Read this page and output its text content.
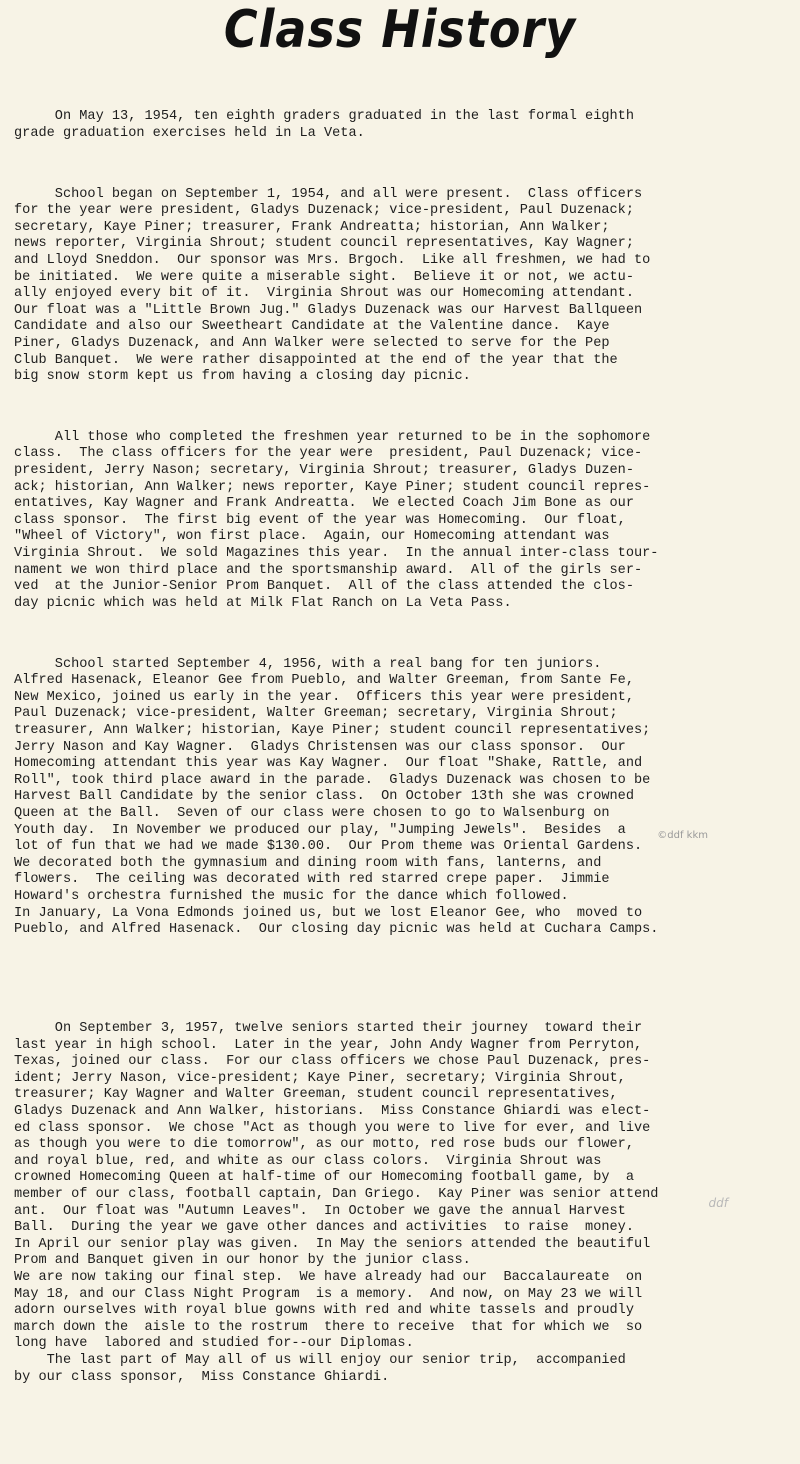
Class History

On May 13, 1954, ten eighth graders graduated in the last formal eighth
grade graduation exercises held in La Veta.

School began on September 1, 1954, and all were present.  Class officers
for the year were president, Gladys Duzenack; vice-president, Paul Duzenack;
secretary, Kaye Piner; treasurer, Frank Andreatta; historian, Ann Walker;
news reporter, Virginia Shrout; student council representatives, Kay Wagner;
and Lloyd Sneddon.  Our sponsor was Mrs. Brgoch.  Like all freshmen, we had to
be initiated.  We were quite a miserable sight.  Believe it or not, we actu-
ally enjoyed every bit of it.  Virginia Shrout was our Homecoming attendant.
Our float was a "Little Brown Jug." Gladys Duzenack was our Harvest Ballqueen
Candidate and also our Sweetheart Candidate at the Valentine dance.  Kaye
Piner, Gladys Duzenack, and Ann Walker were selected to serve for the Pep
Club Banquet.  We were rather disappointed at the end of the year that the
big snow storm kept us from having a closing day picnic.

All those who completed the freshmen year returned to be in the sophomore
class.  The class officers for the year were  president, Paul Duzenack; vice-
president, Jerry Nason; secretary, Virginia Shrout; treasurer, Gladys Duzen-
ack; historian, Ann Walker; news reporter, Kaye Piner; student council repres-
entatives, Kay Wagner and Frank Andreatta.  We elected Coach Jim Bone as our
class sponsor.  The first big event of the year was Homecoming.  Our float,
"Wheel of Victory", won first place.  Again, our Homecoming attendant was
Virginia Shrout.  We sold Magazines this year.  In the annual inter-class tour-
nament we won third place and the sportsmanship award.  All of the girls ser-
ved  at the Junior-Senior Prom Banquet.  All of the class attended the clos-
day picnic which was held at Milk Flat Ranch on La Veta Pass.

School started September 4, 1956, with a real bang for ten juniors.
Alfred Hasenack, Eleanor Gee from Pueblo, and Walter Greeman, from Sante Fe,
New Mexico, joined us early in the year.  Officers this year were president,
Paul Duzenack; vice-president, Walter Greeman; secretary, Virginia Shrout;
treasurer, Ann Walker; historian, Kaye Piner; student council representatives;
Jerry Nason and Kay Wagner.  Gladys Christensen was our class sponsor.  Our
Homecoming attendant this year was Kay Wagner.  Our float "Shake, Rattle, and
Roll", took third place award in the parade.  Gladys Duzenack was chosen to be
Harvest Ball Candidate by the senior class.  On October 13th she was crowned
Queen at the Ball.  Seven of our class were chosen to go to Walsenburg on
Youth day.  In November we produced our play, "Jumping Jewels".  Besides  a
lot of fun that we had we made $130.00.  Our Prom theme was Oriental Gardens.
We decorated both the gymnasium and dining room with fans, lanterns, and
flowers.  The ceiling was decorated with red starred crepe paper.  Jimmie
Howard's orchestra furnished the music for the dance which followed.
In January, La Vona Edmonds joined us, but we lost Eleanor Gee, who  moved to
Pueblo, and Alfred Hasenack.  Our closing day picnic was held at Cuchara Camps.

On September 3, 1957, twelve seniors started their journey  toward their
last year in high school.  Later in the year, John Andy Wagner from Perryton,
Texas, joined our class.  For our class officers we chose Paul Duzenack, pres-
ident; Jerry Nason, vice-president; Kaye Piner, secretary; Virginia Shrout,
treasurer; Kay Wagner and Walter Greeman, student council representatives,
Gladys Duzenack and Ann Walker, historians.  Miss Constance Ghiardi was elect-
ed class sponsor.  We chose "Act as though you were to live for ever, and live
as though you were to die tomorrow", as our motto, red rose buds our flower,
and royal blue, red, and white as our class colors.  Virginia Shrout was
crowned Homecoming Queen at half-time of our Homecoming football game, by  a
member of our class, football captain, Dan Griego.  Kay Piner was senior attend
ant.  Our float was "Autumn Leaves".  In October we gave the annual Harvest
Ball.  During the year we gave other dances and activities  to raise  money.
In April our senior play was given.  In May the seniors attended the beautiful
Prom and Banquet given in our honor by the junior class.
We are now taking our final step.  We have already had our  Baccalaureate  on
May 18, and our Class Night Program  is a memory.  And now, on May 23 we will
adorn ourselves with royal blue gowns with red and white tassels and proudly
march down the  aisle to the rostrum  there to receive  that for which we  so
long have  labored and studied for--our Diplomas.
The last part of May all of us will enjoy our senior trip,  accompanied
by our class sponsor,  Miss Constance Ghiardi.

©ddf kkm
ddf
